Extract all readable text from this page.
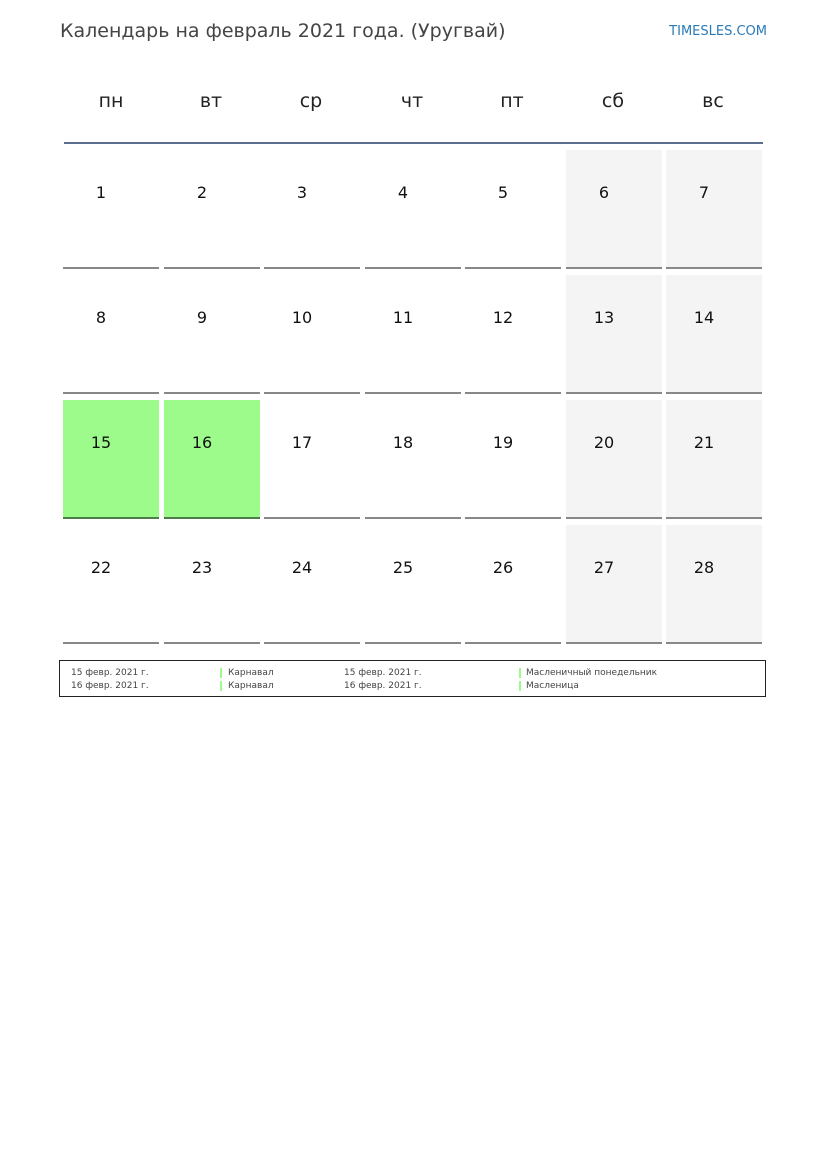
Календарь на февраль 2021 года. (Уругвай)	TIMESLES.COM
пн	вт	ср	чт	пт	сб	вс
1	2	3	4	5	6	7
8	9	10	11	12	13	14
15	16	17	18	19	20	21
22	23	24	25	26	27	28
15 февр. 2021 г.	Карнавал	15 февр. 2021 г.	Масленичный понедельник
16 февр. 2021 г.	Карнавал	16 февр. 2021 г.	Масленица
